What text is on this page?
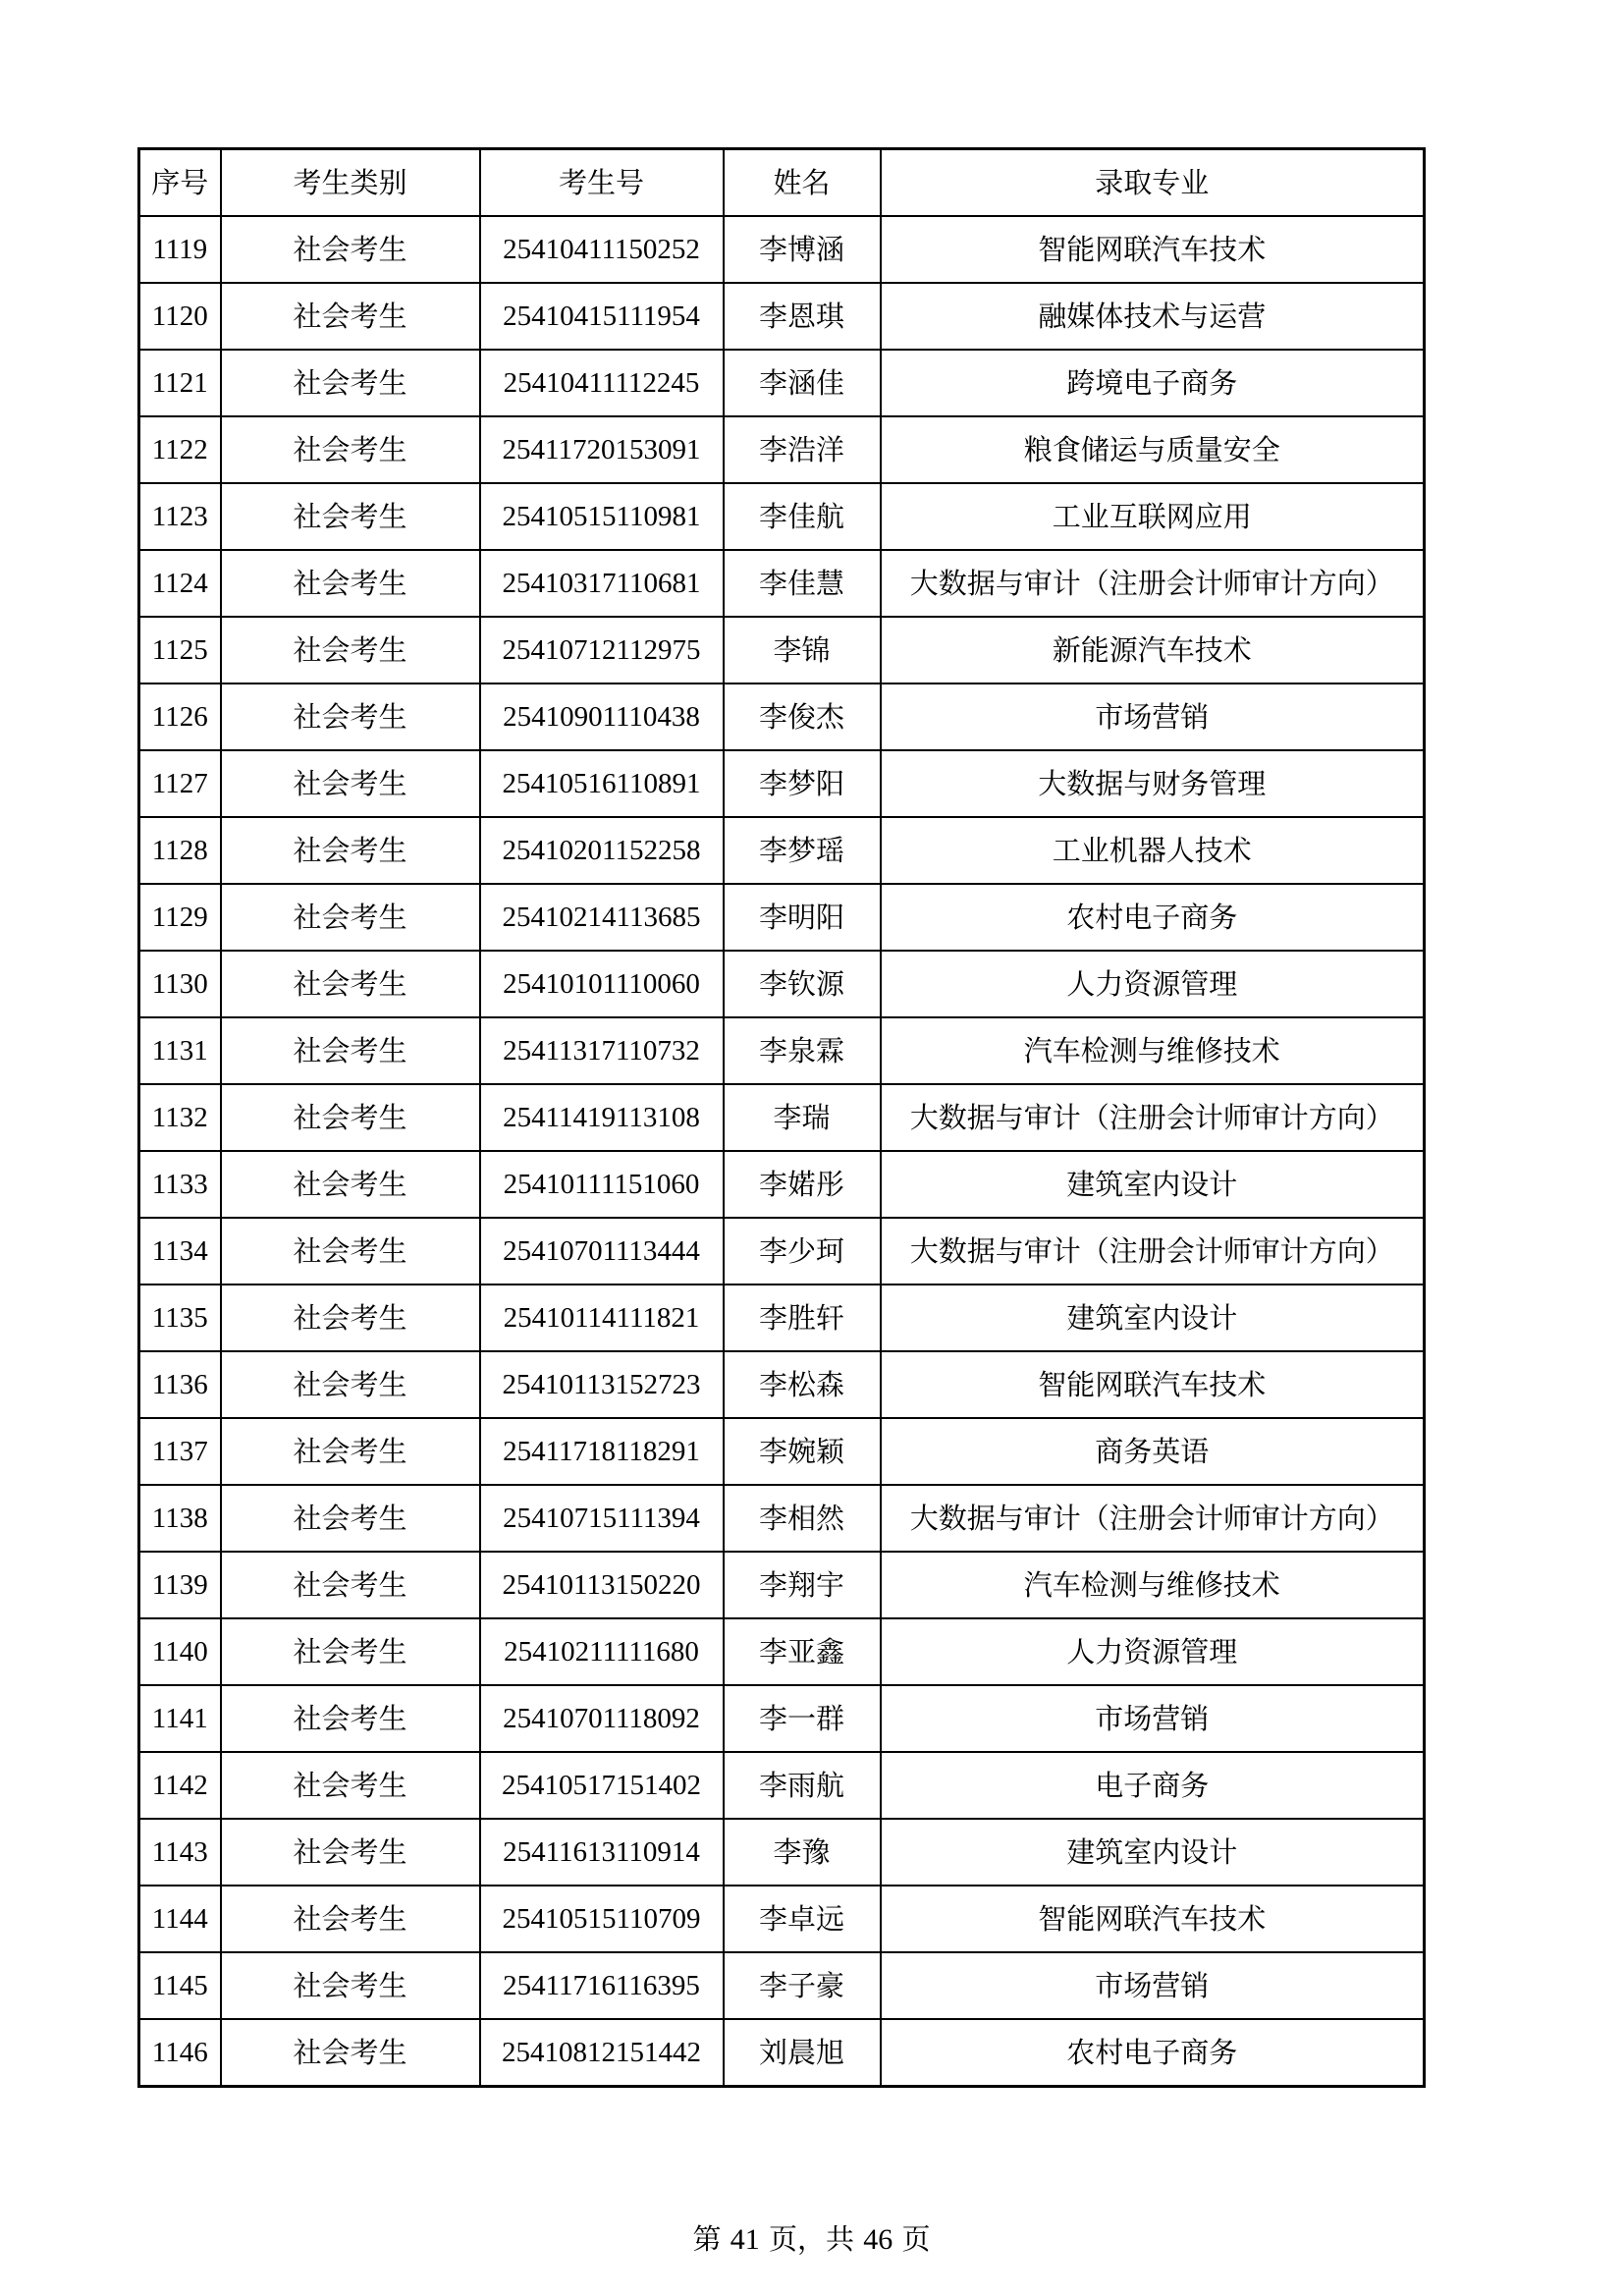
序号	考生类别	考生号	姓名	录取专业
1119	社会考生	25410411150252	李博涵	智能网联汽车技术
1120	社会考生	25410415111954	李恩琪	融媒体技术与运营
1121	社会考生	25410411112245	李涵佳	跨境电子商务
1122	社会考生	25411720153091	李浩洋	粮食储运与质量安全
1123	社会考生	25410515110981	李佳航	工业互联网应用
1124	社会考生	25410317110681	李佳慧	大数据与审计（注册会计师审计方向）
1125	社会考生	25410712112975	李锦	新能源汽车技术
1126	社会考生	25410901110438	李俊杰	市场营销
1127	社会考生	25410516110891	李梦阳	大数据与财务管理
1128	社会考生	25410201152258	李梦瑶	工业机器人技术
1129	社会考生	25410214113685	李明阳	农村电子商务
1130	社会考生	25410101110060	李钦源	人力资源管理
1131	社会考生	25411317110732	李泉霖	汽车检测与维修技术
1132	社会考生	25411419113108	李瑞	大数据与审计（注册会计师审计方向）
1133	社会考生	25410111151060	李婼彤	建筑室内设计
1134	社会考生	25410701113444	李少珂	大数据与审计（注册会计师审计方向）
1135	社会考生	25410114111821	李胜轩	建筑室内设计
1136	社会考生	25410113152723	李松森	智能网联汽车技术
1137	社会考生	25411718118291	李婉颖	商务英语
1138	社会考生	25410715111394	李相然	大数据与审计（注册会计师审计方向）
1139	社会考生	25410113150220	李翔宇	汽车检测与维修技术
1140	社会考生	25410211111680	李亚鑫	人力资源管理
1141	社会考生	25410701118092	李一群	市场营销
1142	社会考生	25410517151402	李雨航	电子商务
1143	社会考生	25411613110914	李豫	建筑室内设计
1144	社会考生	25410515110709	李卓远	智能网联汽车技术
1145	社会考生	25411716116395	李子豪	市场营销
1146	社会考生	25410812151442	刘晨旭	农村电子商务
第 41 页，共 46 页
